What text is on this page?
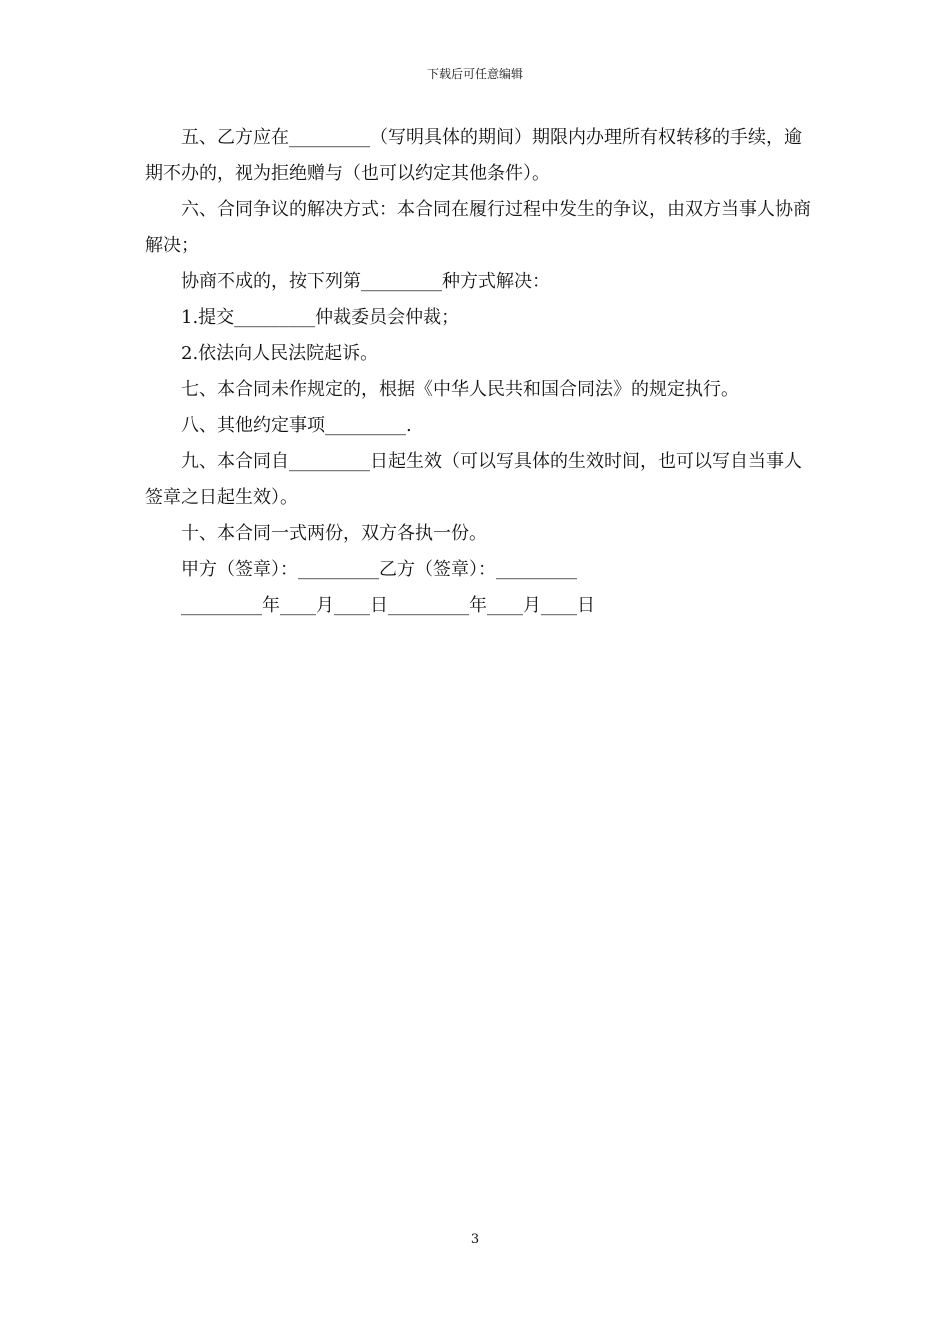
下载后可任意编辑

五、乙方应在_________（写明具体的期间）期限内办理所有权转移的手续，逾期不办的，视为拒绝赠与（也可以约定其他条件）。

六、合同争议的解决方式：本合同在履行过程中发生的争议，由双方当事人协商解决；

协商不成的，按下列第_________种方式解决：

1.提交_________仲裁委员会仲裁；

2.依法向人民法院起诉。

七、本合同未作规定的，根据《中华人民共和国合同法》的规定执行。

八、其他约定事项_________.

九、本合同自_________日起生效（可以写具体的生效时间，也可以写自当事人签章之日起生效）。

十、本合同一式两份，双方各执一份。

甲方（签章）：_________乙方（签章）：_________

_________年____月____日_________年____月____日

3
